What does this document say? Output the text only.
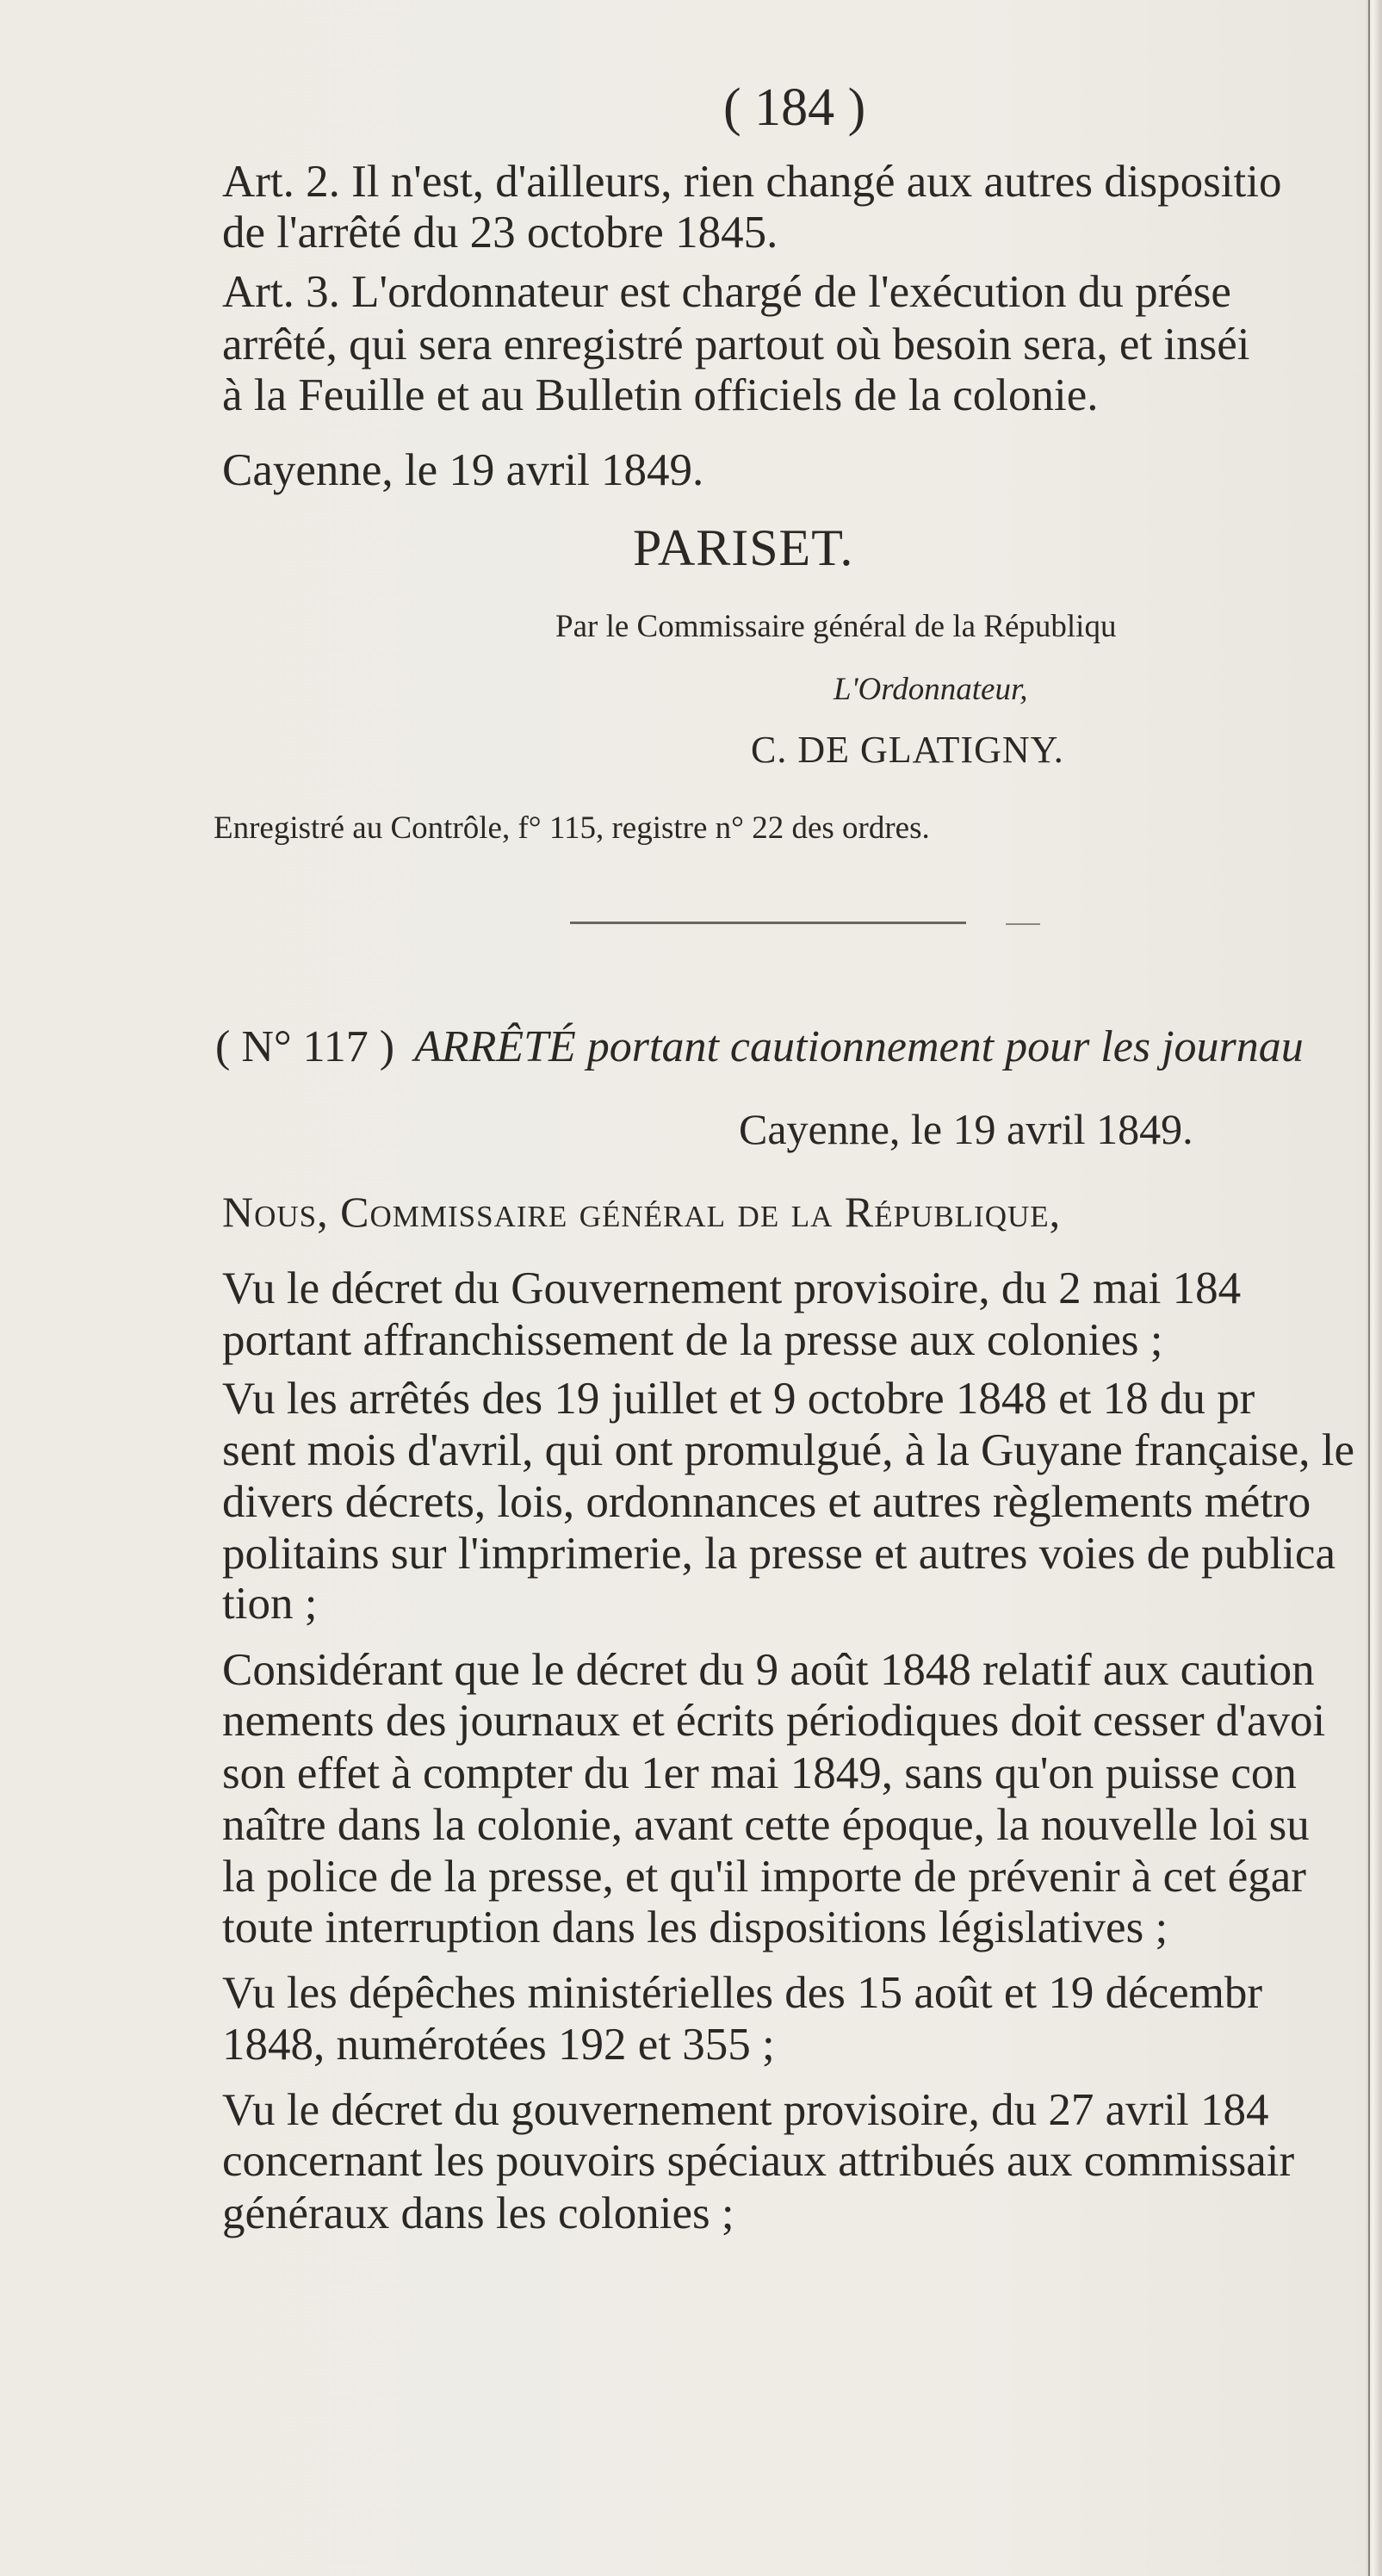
( 184 )
Art. 2. Il n'est, d'ailleurs, rien changé aux autres dispositio
de l'arrêté du 23 octobre 1845.
Art. 3. L'ordonnateur est chargé de l'exécution du prése
arrêté, qui sera enregistré partout où besoin sera, et inséi
à la Feuille et au Bulletin officiels de la colonie.
Cayenne, le 19 avril 1849.
PARISET.
Par le Commissaire général de la Républiqu
L'Ordonnateur,
C. DE GLATIGNY.
Enregistré au Contrôle, f° 115, registre n° 22 des ordres.
( N° 117 ) ARRÊTÉ portant cautionnement pour les journau
Cayenne, le 19 avril 1849.
Nous, Commissaire général de la République,
Vu le décret du Gouvernement provisoire, du 2 mai 184
portant affranchissement de la presse aux colonies ;
Vu les arrêtés des 19 juillet et 9 octobre 1848 et 18 du pr
sent mois d'avril, qui ont promulgué, à la Guyane française, le
divers décrets, lois, ordonnances et autres règlements métro
politains sur l'imprimerie, la presse et autres voies de publica
tion ;
Considérant que le décret du 9 août 1848 relatif aux caution
nements des journaux et écrits périodiques doit cesser d'avoi
son effet à compter du 1er mai 1849, sans qu'on puisse con
naître dans la colonie, avant cette époque, la nouvelle loi su
la police de la presse, et qu'il importe de prévenir à cet égar
toute interruption dans les dispositions législatives ;
Vu les dépêches ministérielles des 15 août et 19 décembr
1848, numérotées 192 et 355 ;
Vu le décret du gouvernement provisoire, du 27 avril 184
concernant les pouvoirs spéciaux attribués aux commissair
généraux dans les colonies ;
